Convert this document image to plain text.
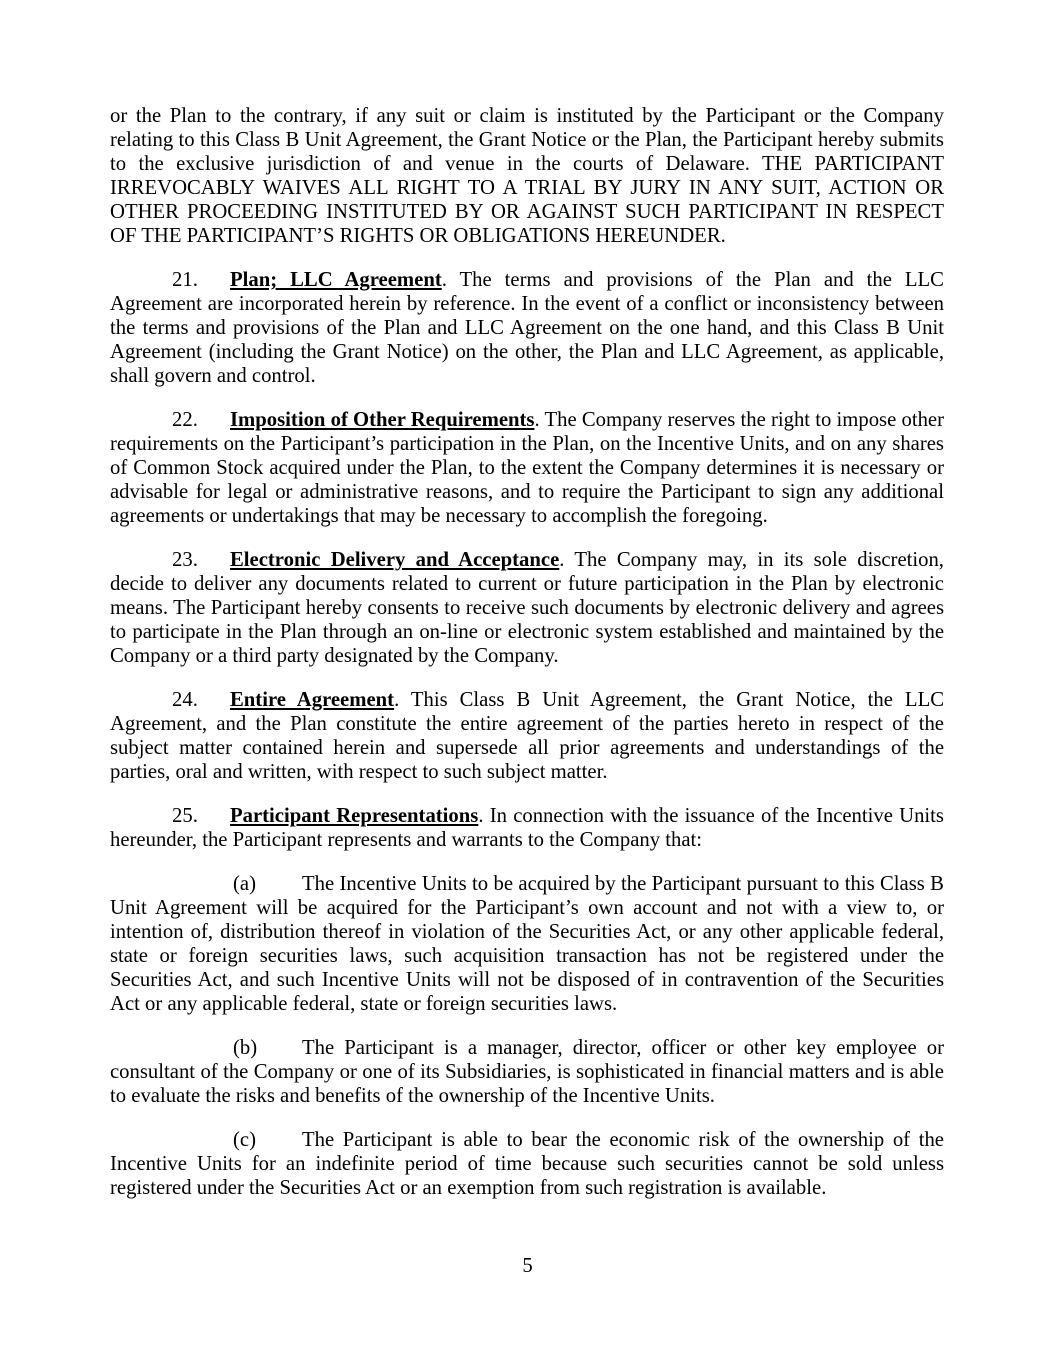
or the Plan to the contrary, if any suit or claim is instituted by the Participant or the Company relating to this Class B Unit Agreement, the Grant Notice or the Plan, the Participant hereby submits to the exclusive jurisdiction of and venue in the courts of Delaware. THE PARTICIPANT IRREVOCABLY WAIVES ALL RIGHT TO A TRIAL BY JURY IN ANY SUIT, ACTION OR OTHER PROCEEDING INSTITUTED BY OR AGAINST SUCH PARTICIPANT IN RESPECT OF THE PARTICIPANT’S RIGHTS OR OBLIGATIONS HEREUNDER.

21. Plan; LLC Agreement. The terms and provisions of the Plan and the LLC Agreement are incorporated herein by reference. In the event of a conflict or inconsistency between the terms and provisions of the Plan and LLC Agreement on the one hand, and this Class B Unit Agreement (including the Grant Notice) on the other, the Plan and LLC Agreement, as applicable, shall govern and control.

22. Imposition of Other Requirements. The Company reserves the right to impose other requirements on the Participant’s participation in the Plan, on the Incentive Units, and on any shares of Common Stock acquired under the Plan, to the extent the Company determines it is necessary or advisable for legal or administrative reasons, and to require the Participant to sign any additional agreements or undertakings that may be necessary to accomplish the foregoing.

23. Electronic Delivery and Acceptance. The Company may, in its sole discretion, decide to deliver any documents related to current or future participation in the Plan by electronic means. The Participant hereby consents to receive such documents by electronic delivery and agrees to participate in the Plan through an on-line or electronic system established and maintained by the Company or a third party designated by the Company.

24. Entire Agreement. This Class B Unit Agreement, the Grant Notice, the LLC Agreement, and the Plan constitute the entire agreement of the parties hereto in respect of the subject matter contained herein and supersede all prior agreements and understandings of the parties, oral and written, with respect to such subject matter.

25. Participant Representations. In connection with the issuance of the Incentive Units hereunder, the Participant represents and warrants to the Company that:

(a) The Incentive Units to be acquired by the Participant pursuant to this Class B Unit Agreement will be acquired for the Participant’s own account and not with a view to, or intention of, distribution thereof in violation of the Securities Act, or any other applicable federal, state or foreign securities laws, such acquisition transaction has not be registered under the Securities Act, and such Incentive Units will not be disposed of in contravention of the Securities Act or any applicable federal, state or foreign securities laws.

(b) The Participant is a manager, director, officer or other key employee or consultant of the Company or one of its Subsidiaries, is sophisticated in financial matters and is able to evaluate the risks and benefits of the ownership of the Incentive Units.

(c) The Participant is able to bear the economic risk of the ownership of the Incentive Units for an indefinite period of time because such securities cannot be sold unless registered under the Securities Act or an exemption from such registration is available.

5
